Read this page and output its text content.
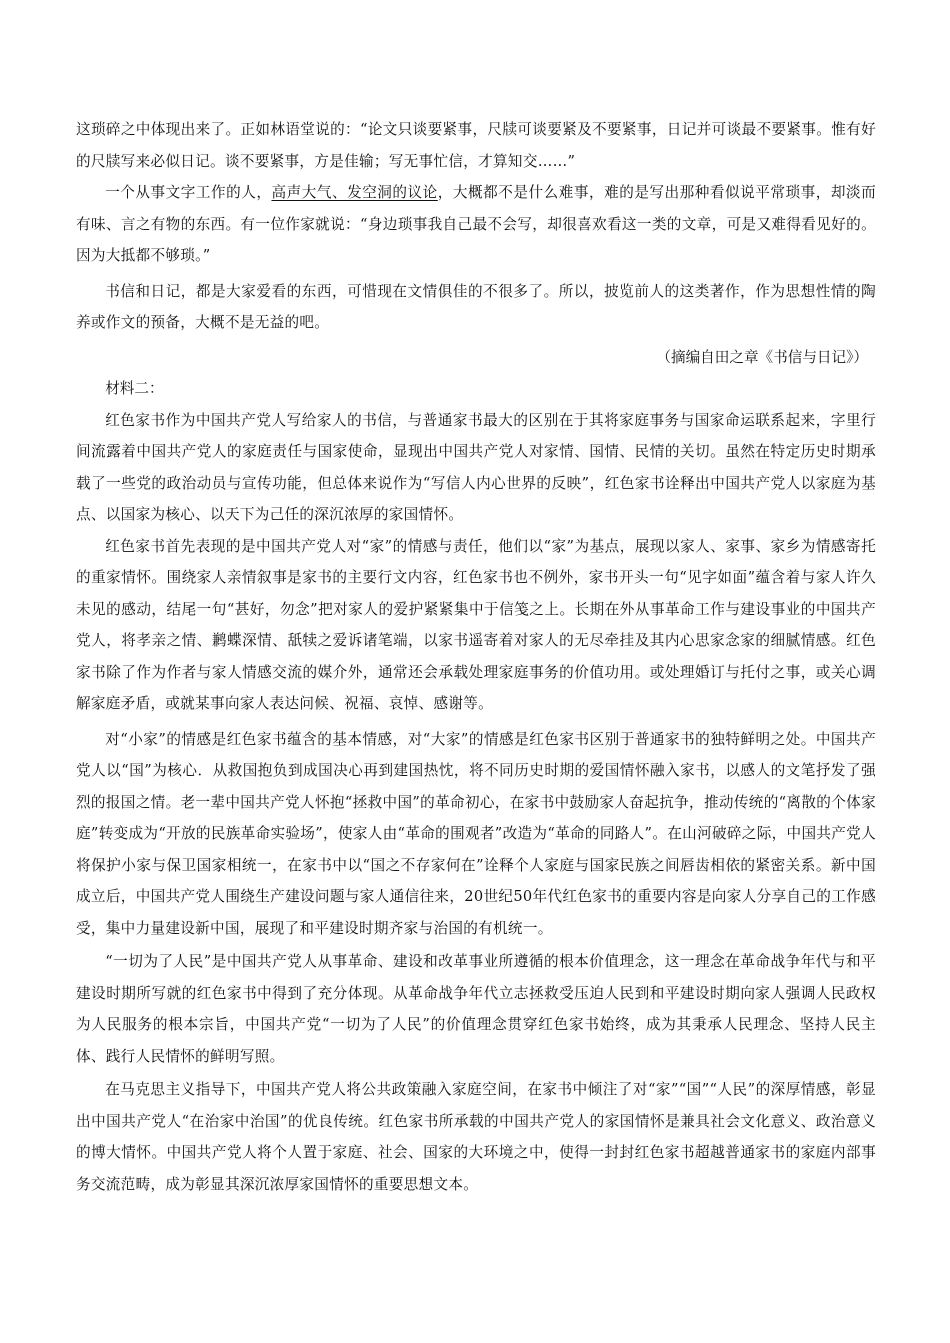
这琐碎之中体现出来了。正如林语堂说的：“论文只谈要紧事，尺牍可谈要紧及不要紧事，日记并可谈最不要紧事。惟有好的尺牍写来必似日记。谈不要紧事，方是佳输；写无事忙信，才算知交……”

一个从事文字工作的人，高声大气、发空洞的议论，大概都不是什么难事，难的是写出那种看似说平常琐事，却淡而有味、言之有物的东西。有一位作家就说：“身边琐事我自己最不会写，却很喜欢看这一类的文章，可是又难得看见好的。因为大抵都不够琐。”

书信和日记，都是大家爱看的东西，可惜现在文情俱佳的不很多了。所以，披览前人的这类著作，作为思想性情的陶养或作文的预备，大概不是无益的吧。

（摘编自田之章《书信与日记》）

材料二：

红色家书作为中国共产党人写给家人的书信，与普通家书最大的区别在于其将家庭事务与国家命运联系起来，字里行间流露着中国共产党人的家庭责任与国家使命，显现出中国共产党人对家情、国情、民情的关切。虽然在特定历史时期承载了一些党的政治动员与宣传功能，但总体来说作为“写信人内心世界的反映”，红色家书诠释出中国共产党人以家庭为基点、以国家为核心、以天下为己任的深沉浓厚的家国情怀。

红色家书首先表现的是中国共产党人对“家”的情感与责任，他们以“家”为基点，展现以家人、家事、家乡为情感寄托的重家情怀。围绕家人亲情叙事是家书的主要行文内容，红色家书也不例外，家书开头一句“见字如面”蕴含着与家人许久未见的感动，结尾一句“甚好，勿念”把对家人的爱护紧紧集中于信笺之上。长期在外从事革命工作与建设事业的中国共产党人，将孝亲之情、鹣蝶深情、舐犊之爱诉诸笔端，以家书遥寄着对家人的无尽牵挂及其内心思家念家的细腻情感。红色家书除了作为作者与家人情感交流的媒介外，通常还会承载处理家庭事务的价值功用。或处理婚订与托付之事，或关心调解家庭矛盾，或就某事向家人表达问候、祝福、哀悼、感谢等。

对“小家”的情感是红色家书蕴含的基本情感，对“大家”的情感是红色家书区别于普通家书的独特鲜明之处。中国共产党人以“国”为核心．从救国抱负到成国决心再到建国热忱，将不同历史时期的爱国情怀融入家书，以感人的文笔抒发了强烈的报国之情。老一辈中国共产党人怀抱“拯救中国”的革命初心，在家书中鼓励家人奋起抗争，推动传统的“离散的个体家庭”转变成为“开放的民族革命实验场”，使家人由“革命的围观者”改造为“革命的同路人”。在山河破碎之际，中国共产党人将保护小家与保卫国家相统一，在家书中以“国之不存家何在”诠释个人家庭与国家民族之间唇齿相依的紧密关系。新中国成立后，中国共产党人围绕生产建设问题与家人通信往来，20世纪50年代红色家书的重要内容是向家人分享自己的工作感受，集中力量建设新中国，展现了和平建设时期齐家与治国的有机统一。

“一切为了人民”是中国共产党人从事革命、建设和改革事业所遵循的根本价值理念，这一理念在革命战争年代与和平建设时期所写就的红色家书中得到了充分体现。从革命战争年代立志拯救受压迫人民到和平建设时期向家人强调人民政权为人民服务的根本宗旨，中国共产党“一切为了人民”的价值理念贯穿红色家书始终，成为其秉承人民理念、坚持人民主体、践行人民情怀的鲜明写照。

在马克思主义指导下，中国共产党人将公共政策融入家庭空间，在家书中倾注了对“家”“国”“人民”的深厚情感，彰显出中国共产党人“在治家中治国”的优良传统。红色家书所承载的中国共产党人的家国情怀是兼具社会文化意义、政治意义的博大情怀。中国共产党人将个人置于家庭、社会、国家的大环境之中，使得一封封红色家书超越普通家书的家庭内部事务交流范畴，成为彰显其深沉浓厚家国情怀的重要思想文本。
